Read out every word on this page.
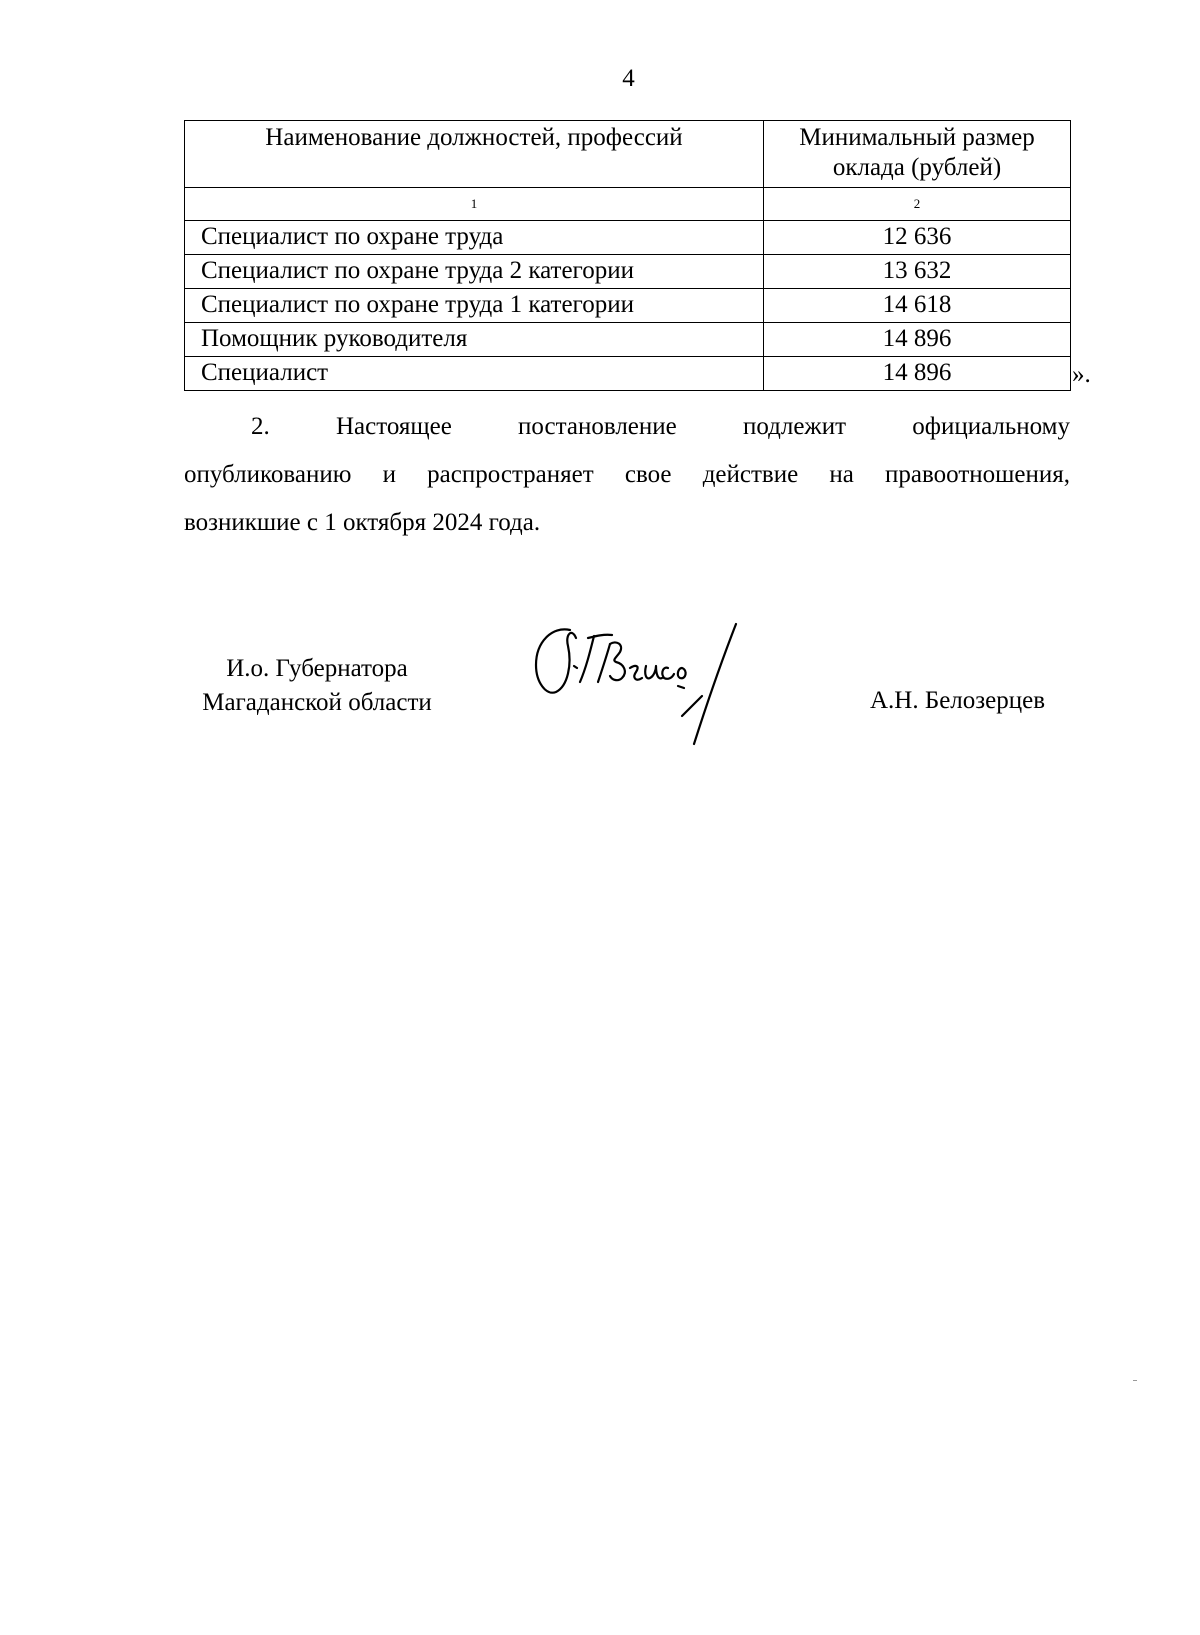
4
Наименование должностей, профессий	Минимальный размер оклада (рублей)
1	2
Специалист по охране труда	12 636
Специалист по охране труда 2 категории	13 632
Специалист по охране труда 1 категории	14 618
Помощник руководителя	14 896
Специалист	14 896	».

2. Настоящее постановление подлежит официальному
опубликованию и распространяет свое действие на правоотношения,
возникшие с 1 октября 2024 года.

И.о. Губернатора
Магаданской области	А.Н. Белозерцев
